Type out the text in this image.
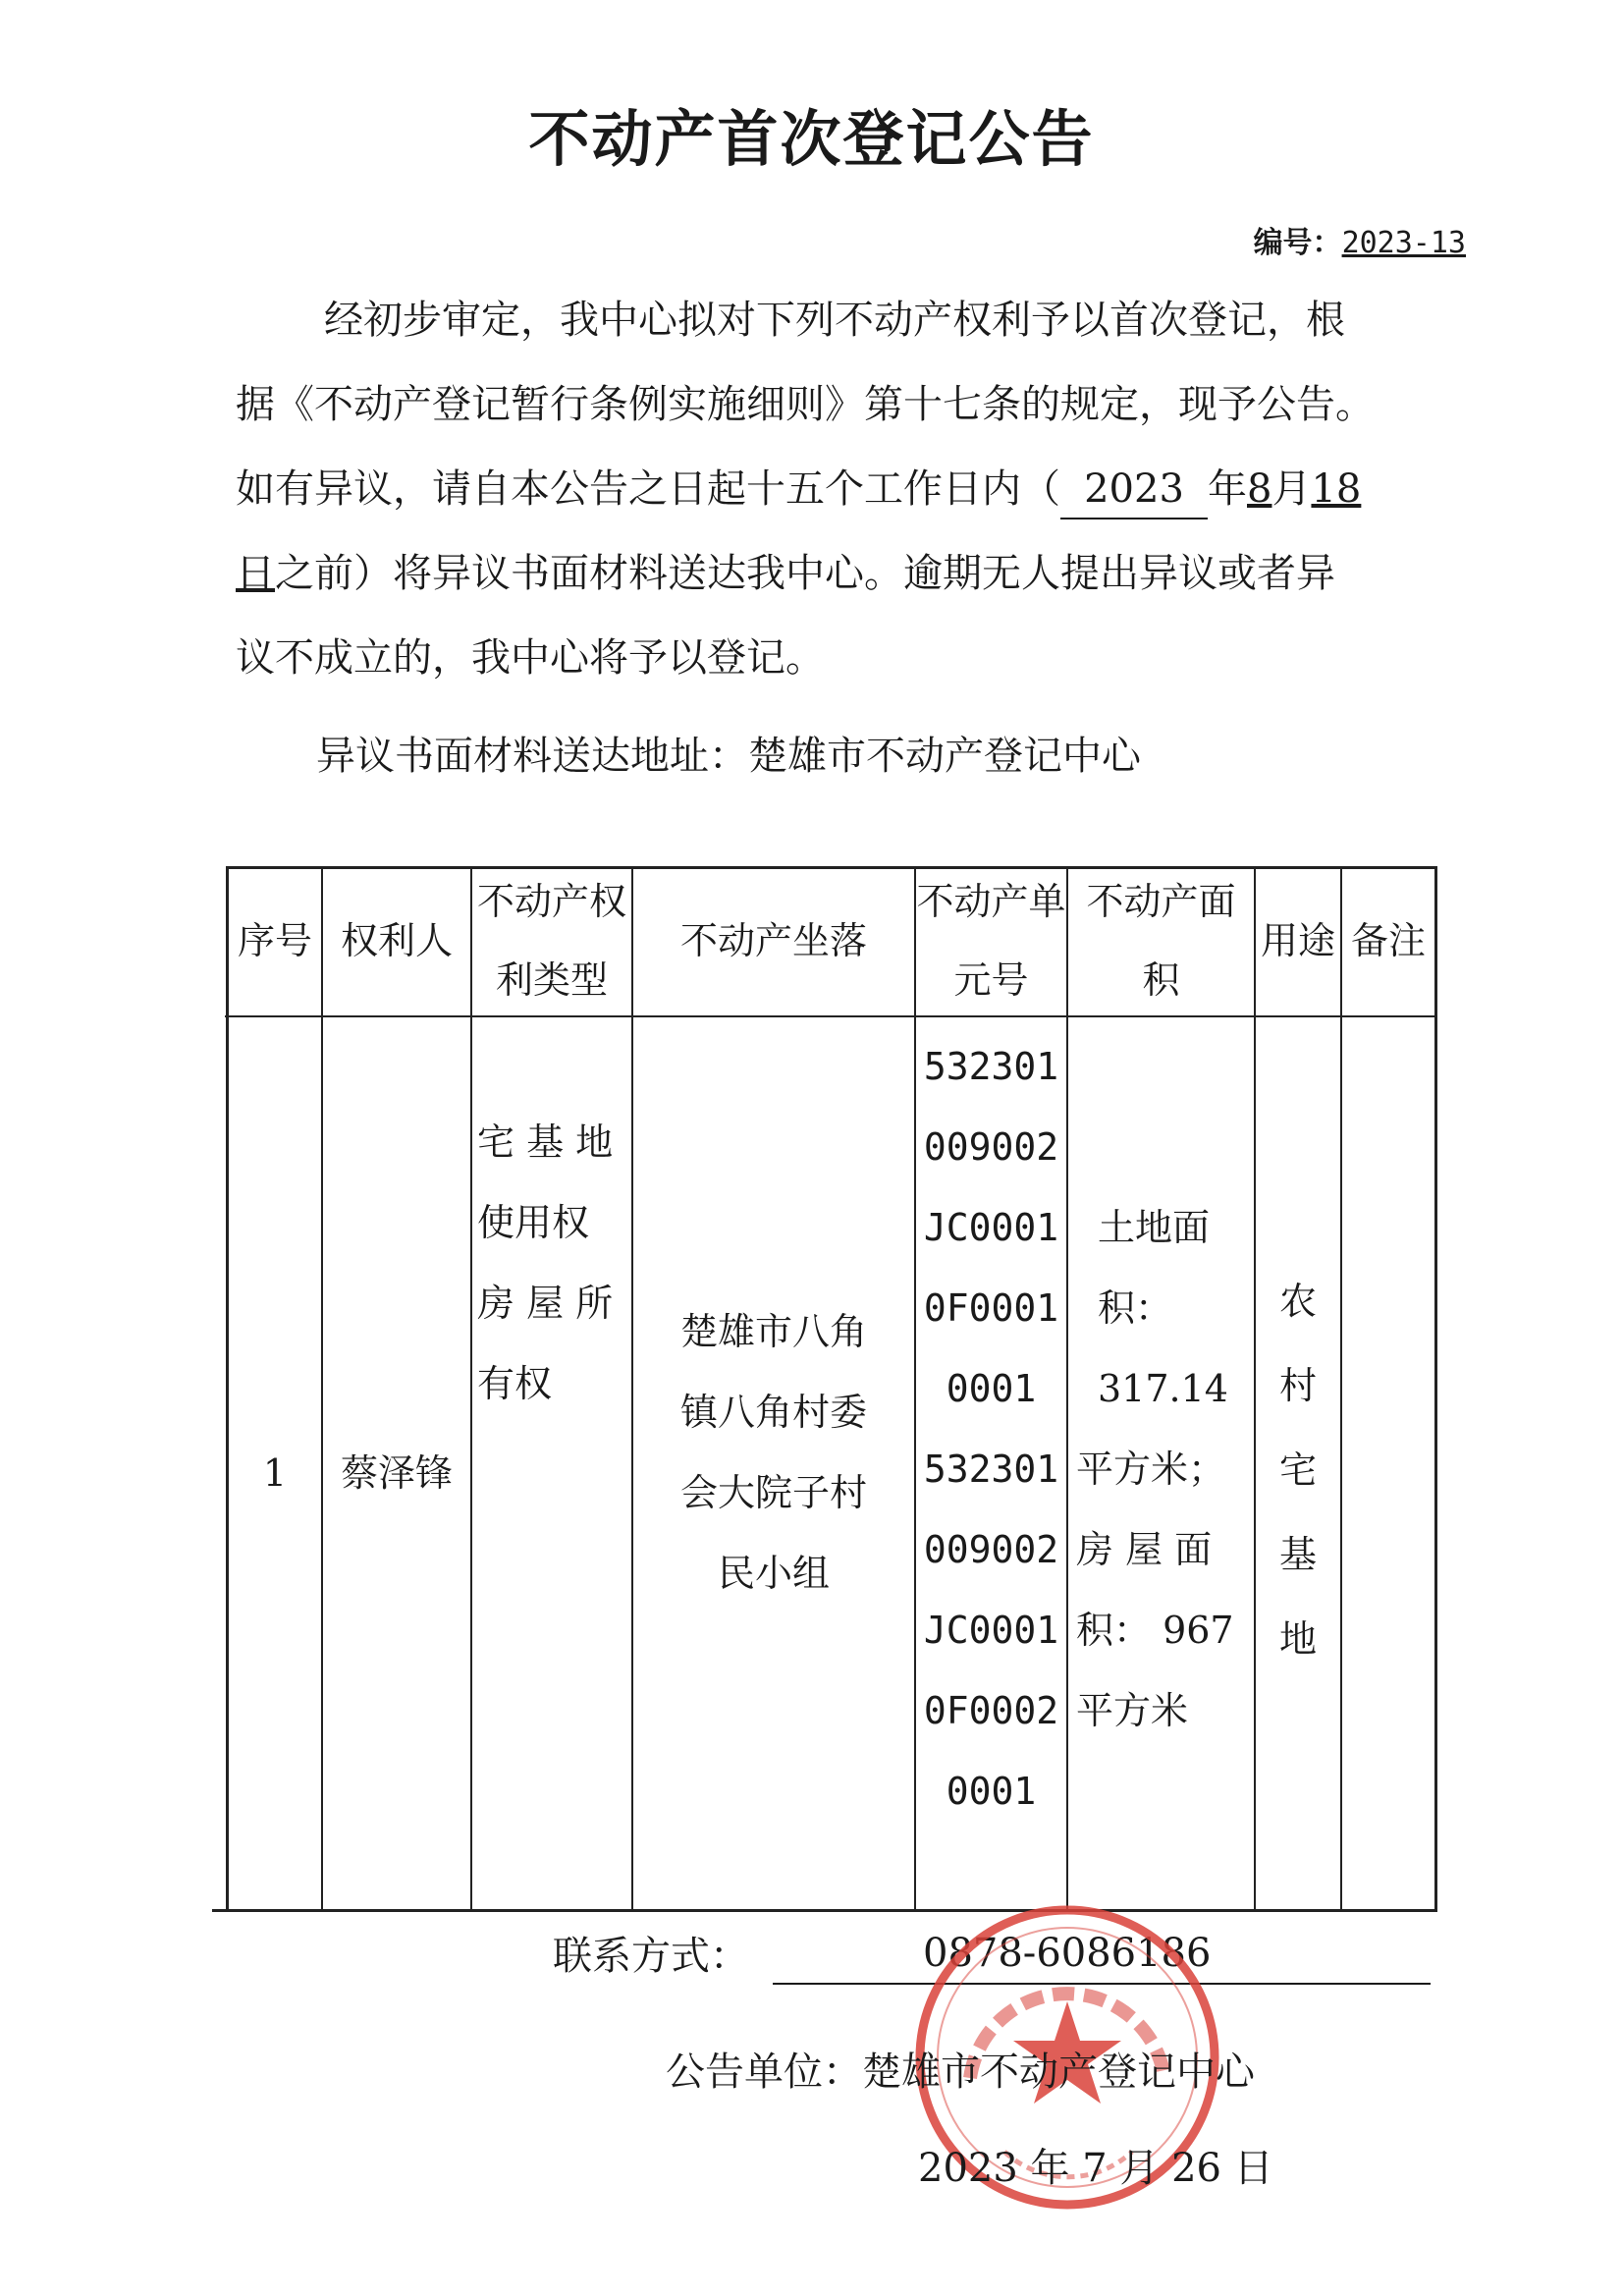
不动产首次登记公告
编号：2023-13
经初步审定，我中心拟对下列不动产权利予以首次登记，根
据《不动产登记暂行条例实施细则》第十七条的规定，现予公告。
如有异议，请自本公告之日起十五个工作日内（ 2023 年8月18
日之前）将异议书面材料送达我中心。逾期无人提出异议或者异
议不成立的，我中心将予以登记。
异议书面材料送达地址：楚雄市不动产登记中心
序号 权利人
不动产权
利类型
不动产坐落
不动产单
元号
不动产面
积
用途 备注
1	蔡泽锋
宅 基 地
使用权
房 屋 所
有权
楚雄市八角
镇八角村委
会大院子村
民小组
532301
009002
JC0001
0F0001
0001
532301
009002
JC0001
0F0002
0001
土地面
积：
317.14
平方米；
房 屋 面
积： 967
平方米
农
村
宅
基
地
联系方式：	0878-6086186
公告单位：楚雄市不动产登记中心
2023 年 7 月 26 日
